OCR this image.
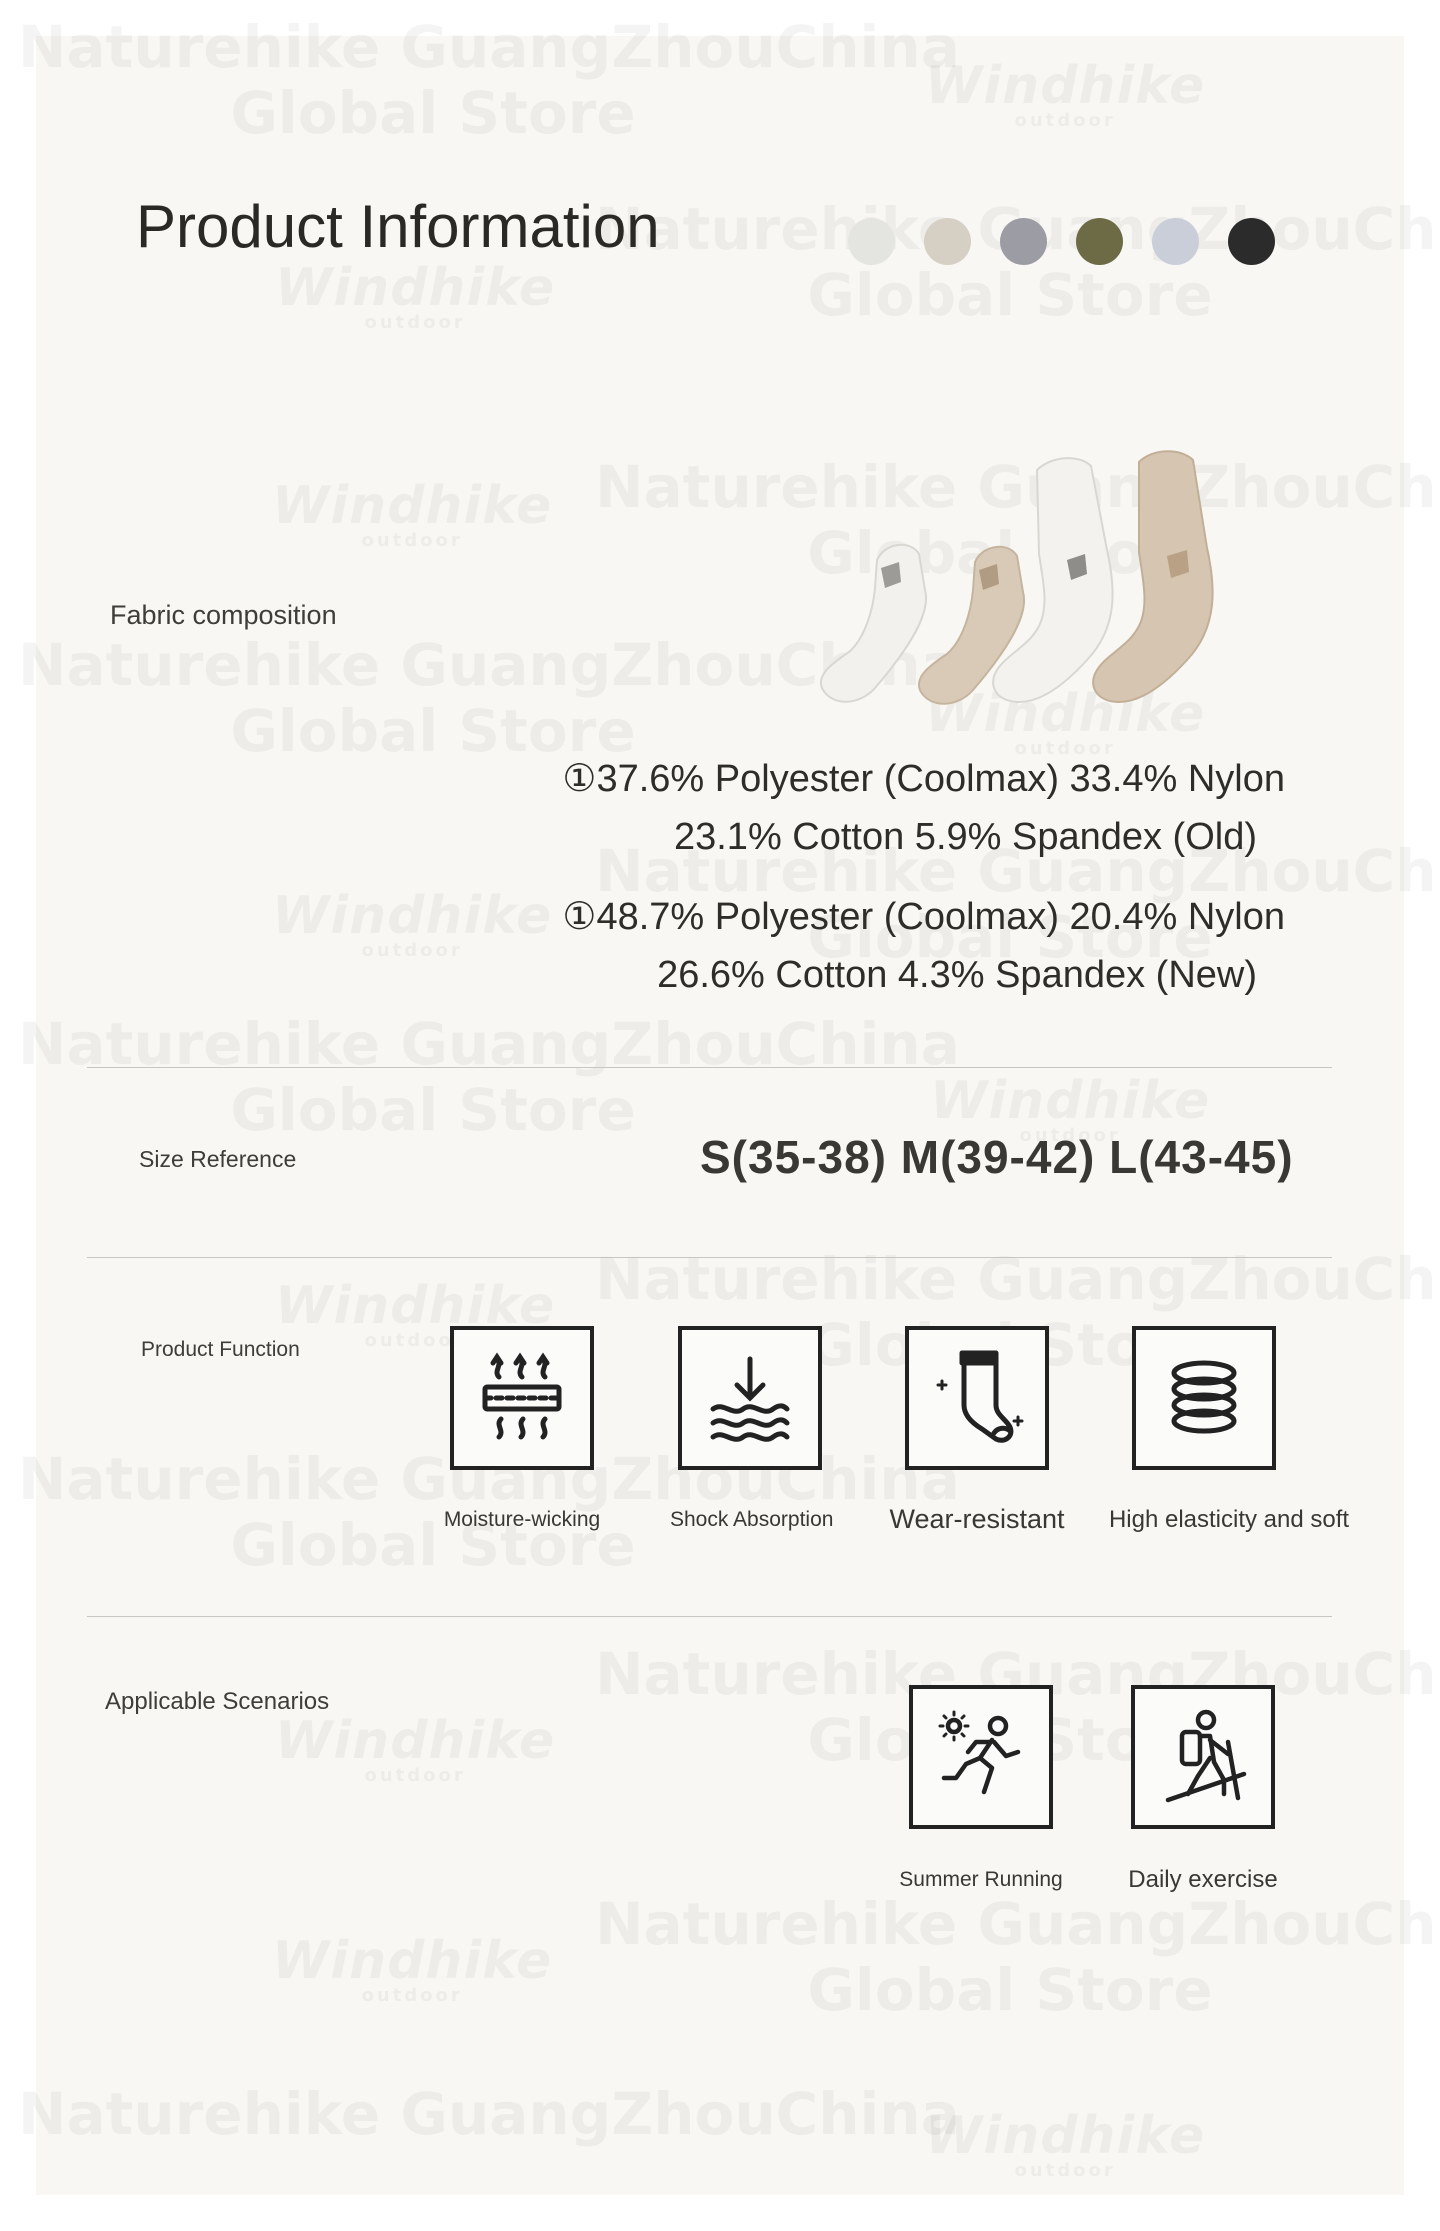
Product Information
Fabric composition
①37.6% Polyester (Coolmax) 33.4% Nylon

23.1% Cotton 5.9% Spandex (Old)
①48.7% Polyester (Coolmax) 20.4% Nylon

26.6% Cotton 4.3% Spandex (New)
Size Reference	S(35-38) M(39-42) L(43-45)
Product Function
Moisture-wicking	Shock Absorption	Wear-resistant	High elasticity and soft
Applicable Scenarios
Summer Running	Daily exercise
